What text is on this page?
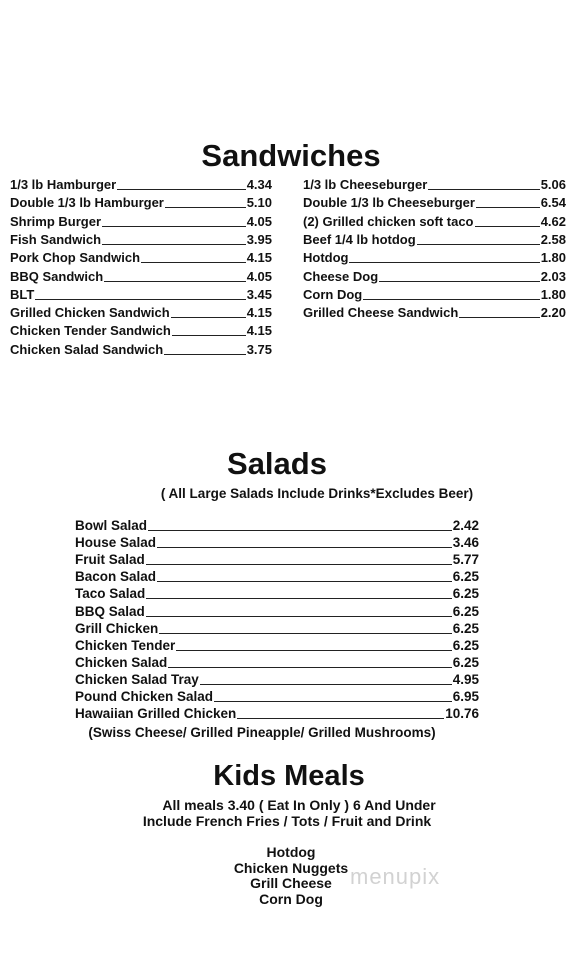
Sandwiches
1/3 lb Hamburger	4.34
Double 1/3 lb Hamburger	5.10
Shrimp Burger	4.05
Fish Sandwich	3.95
Pork Chop Sandwich	4.15
BBQ Sandwich	4.05
BLT	3.45
Grilled Chicken Sandwich	4.15
Chicken Tender Sandwich	4.15
Chicken Salad Sandwich	3.75
1/3 lb Cheeseburger	5.06
Double 1/3 lb Cheeseburger	6.54
(2) Grilled chicken soft taco	4.62
Beef 1/4 lb hotdog	2.58
Hotdog	1.80
Cheese Dog	2.03
Corn Dog	1.80
Grilled Cheese Sandwich	2.20
Salads
( All Large Salads Include Drinks*Excludes Beer)
Bowl Salad	2.42
House Salad	3.46
Fruit Salad	5.77
Bacon Salad	6.25
Taco Salad	6.25
BBQ Salad	6.25
Grill Chicken	6.25
Chicken Tender	6.25
Chicken Salad	6.25
Chicken Salad Tray	4.95
Pound Chicken Salad	6.95
Hawaiian Grilled Chicken	10.76
(Swiss Cheese/ Grilled Pineapple/ Grilled Mushrooms)
Kids Meals
All meals 3.40 ( Eat In Only ) 6 And Under
Include French Fries / Tots / Fruit and Drink
Hotdog
Chicken Nuggets
Grill Cheese
Corn Dog
menupix
